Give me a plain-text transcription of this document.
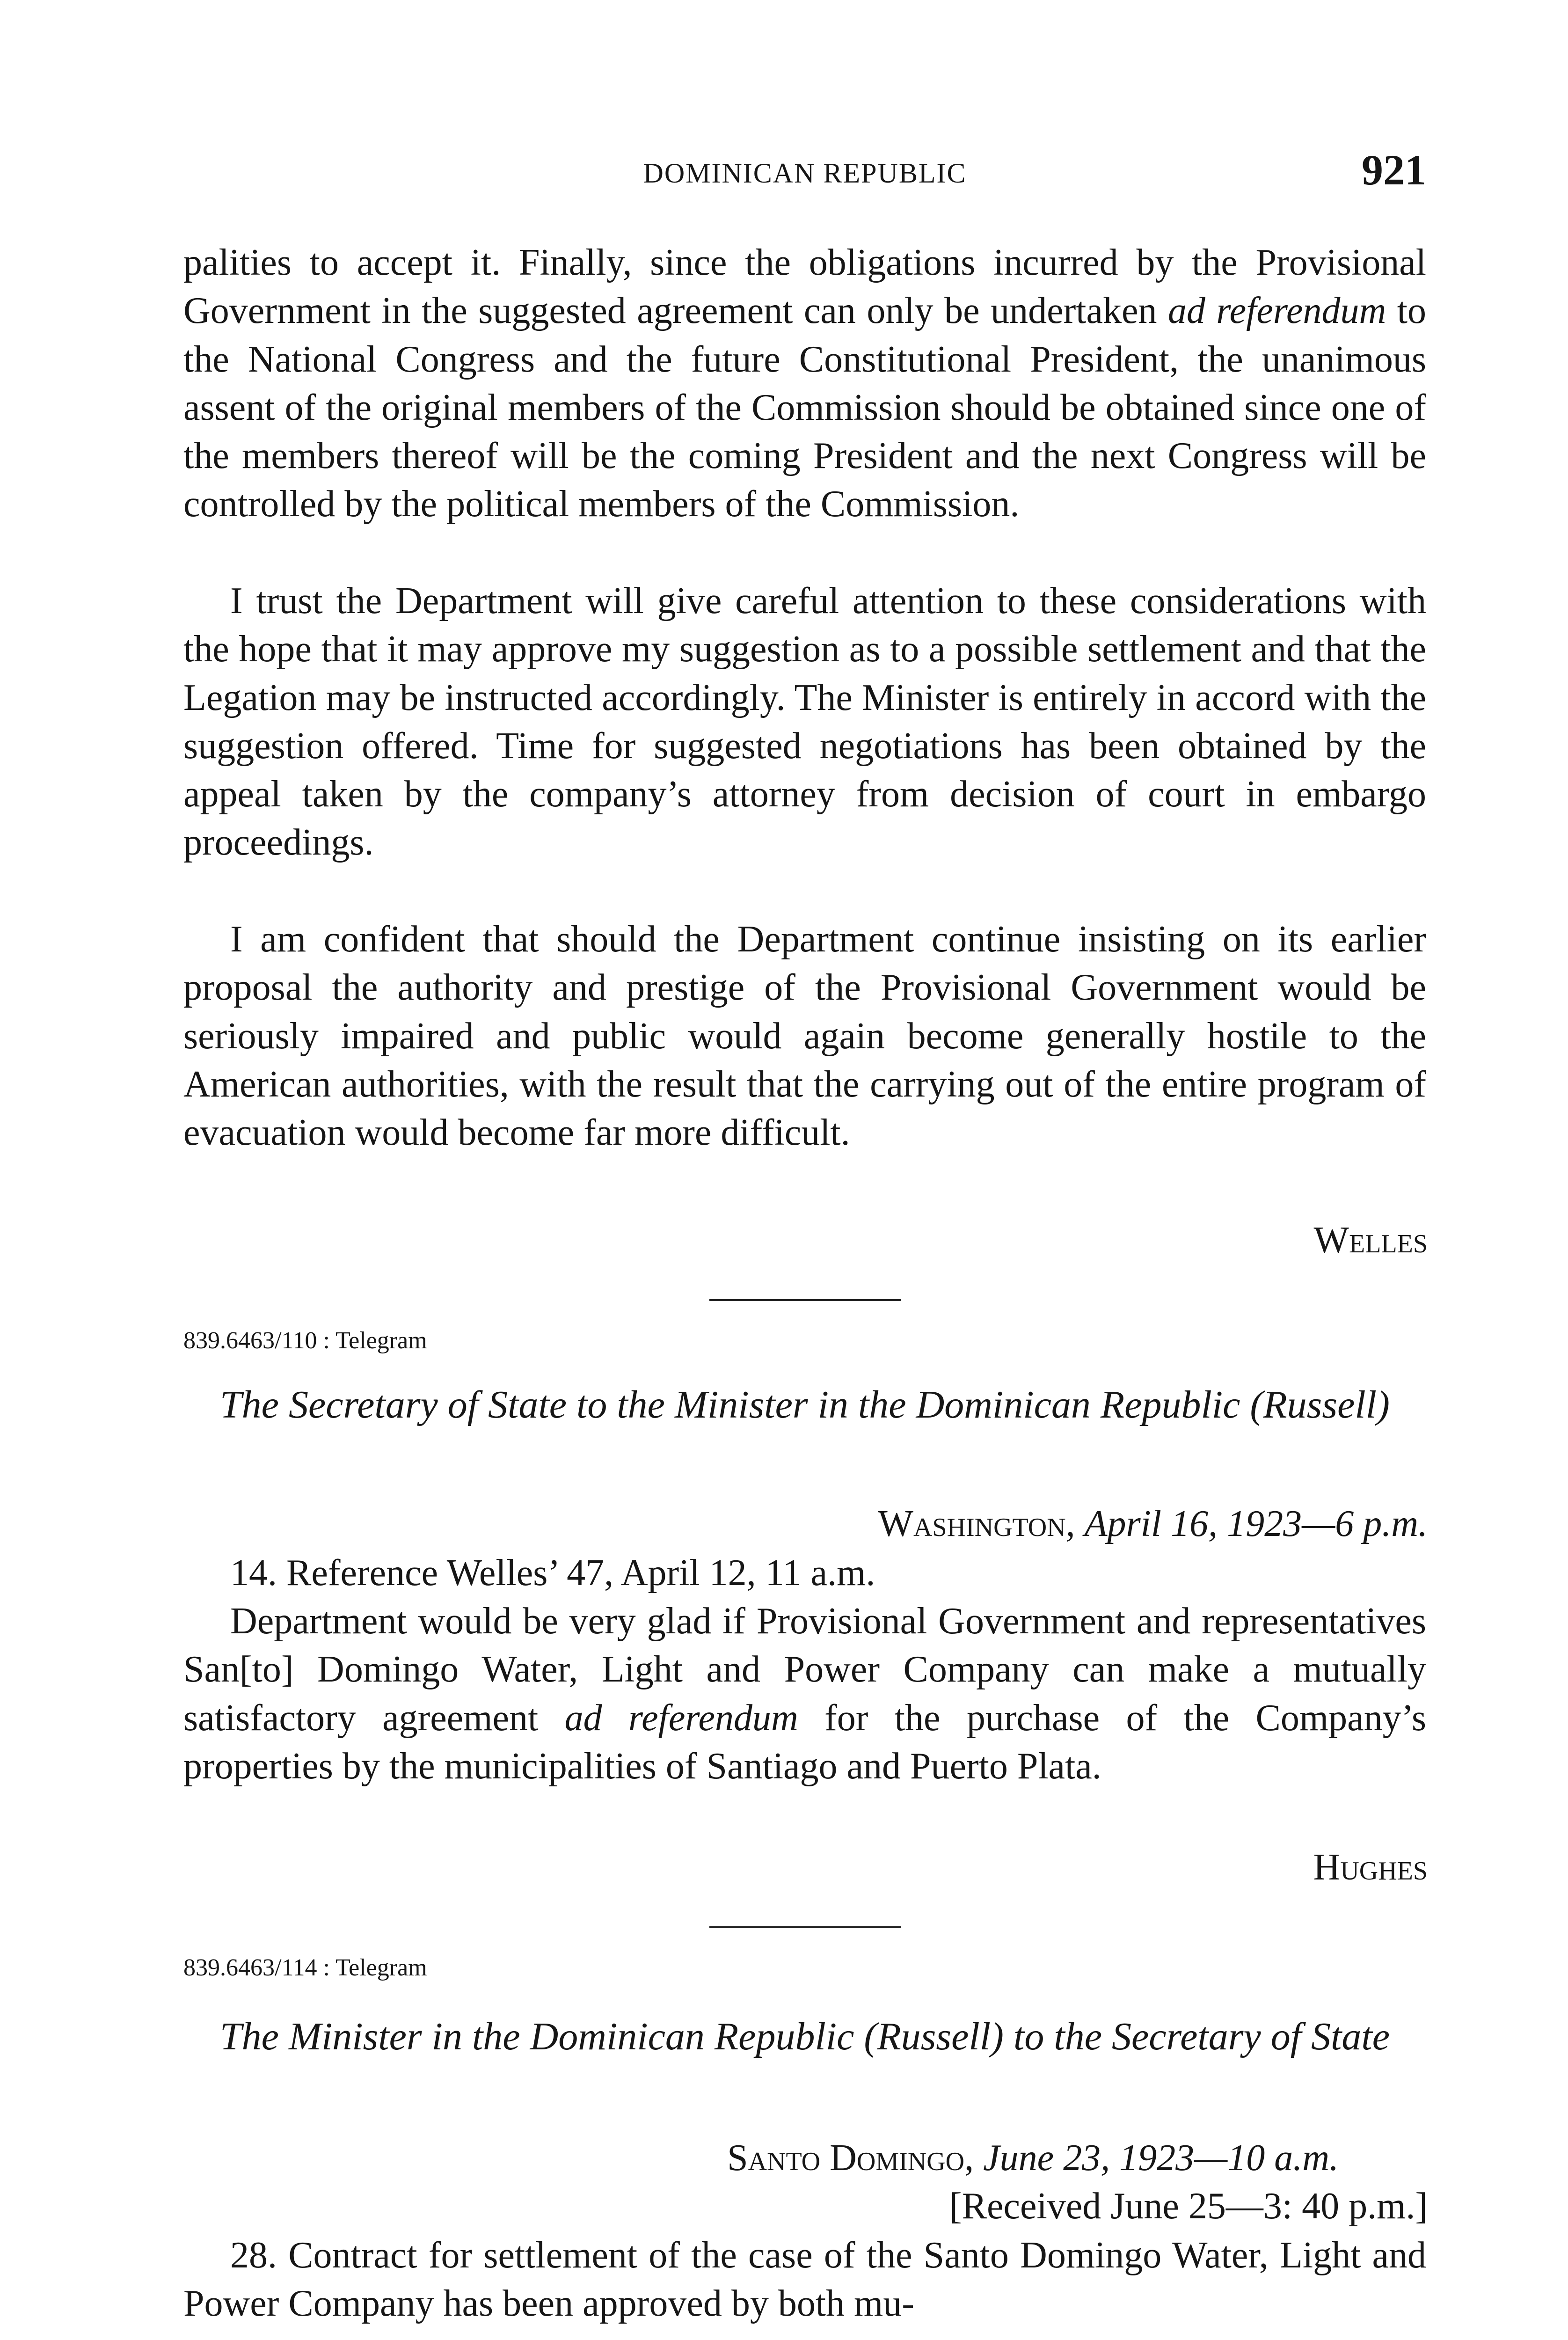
DOMINICAN REPUBLIC	921

palities to accept it. Finally, since the obligations incurred by the Provisional Government in the suggested agreement can only be undertaken ad referendum to the National Congress and the future Constitutional President, the unanimous assent of the original members of the Commission should be obtained since one of the members thereof will be the coming President and the next Congress will be controlled by the political members of the Commission.

I trust the Department will give careful attention to these considerations with the hope that it may approve my suggestion as to a possible settlement and that the Legation may be instructed accordingly. The Minister is entirely in accord with the suggestion offered. Time for suggested negotiations has been obtained by the appeal taken by the company’s attorney from decision of court in embargo proceedings.

I am confident that should the Department continue insisting on its earlier proposal the authority and prestige of the Provisional Government would be seriously impaired and public would again become generally hostile to the American authorities, with the result that the carrying out of the entire program of evacuation would become far more difficult.

Welles

839.6463/110 : Telegram

The Secretary of State to the Minister in the Dominican Republic (Russell)

Washington, April 16, 1923—6 p.m.

14. Reference Welles’ 47, April 12, 11 a.m.

Department would be very glad if Provisional Government and representatives San[to] Domingo Water, Light and Power Company can make a mutually satisfactory agreement ad referendum for the purchase of the Company’s properties by the municipalities of Santiago and Puerto Plata.

Hughes

839.6463/114 : Telegram

The Minister in the Dominican Republic (Russell) to the Secretary of State

Santo Domingo, June 23, 1923—10 a.m.

[Received June 25—3: 40 p.m.]

28. Contract for settlement of the case of the Santo Domingo Water, Light and Power Company has been approved by both mu-
